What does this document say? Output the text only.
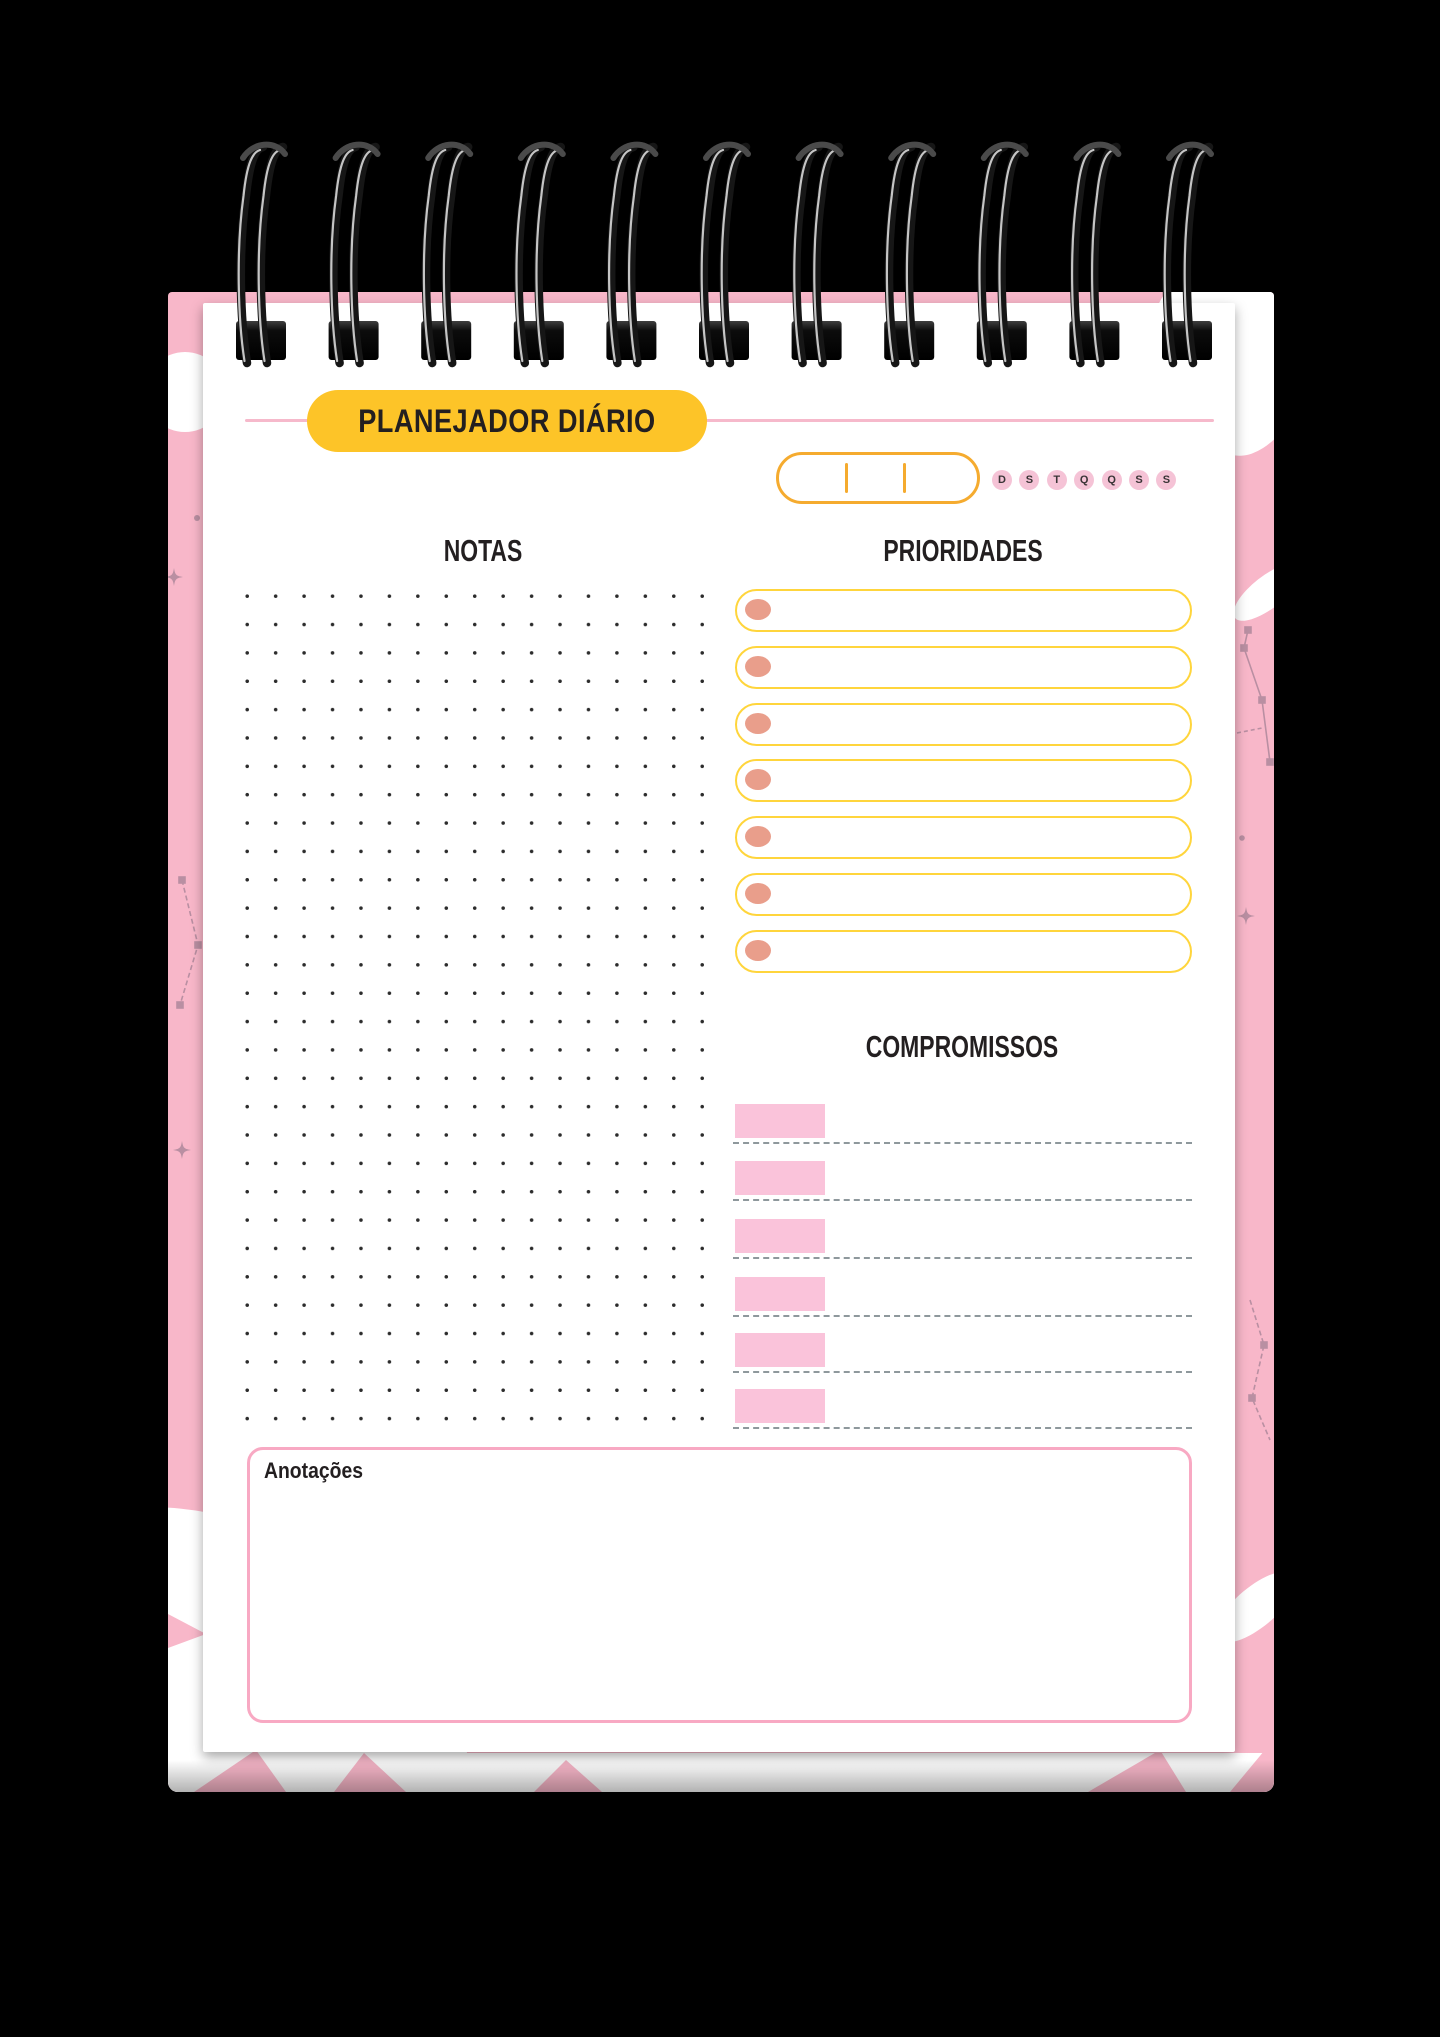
PLANEJADOR DIÁRIO
NOTAS	PRIORIDADES
COMPROMISSOS
Anotações
D	S	T	Q	Q	S	S
